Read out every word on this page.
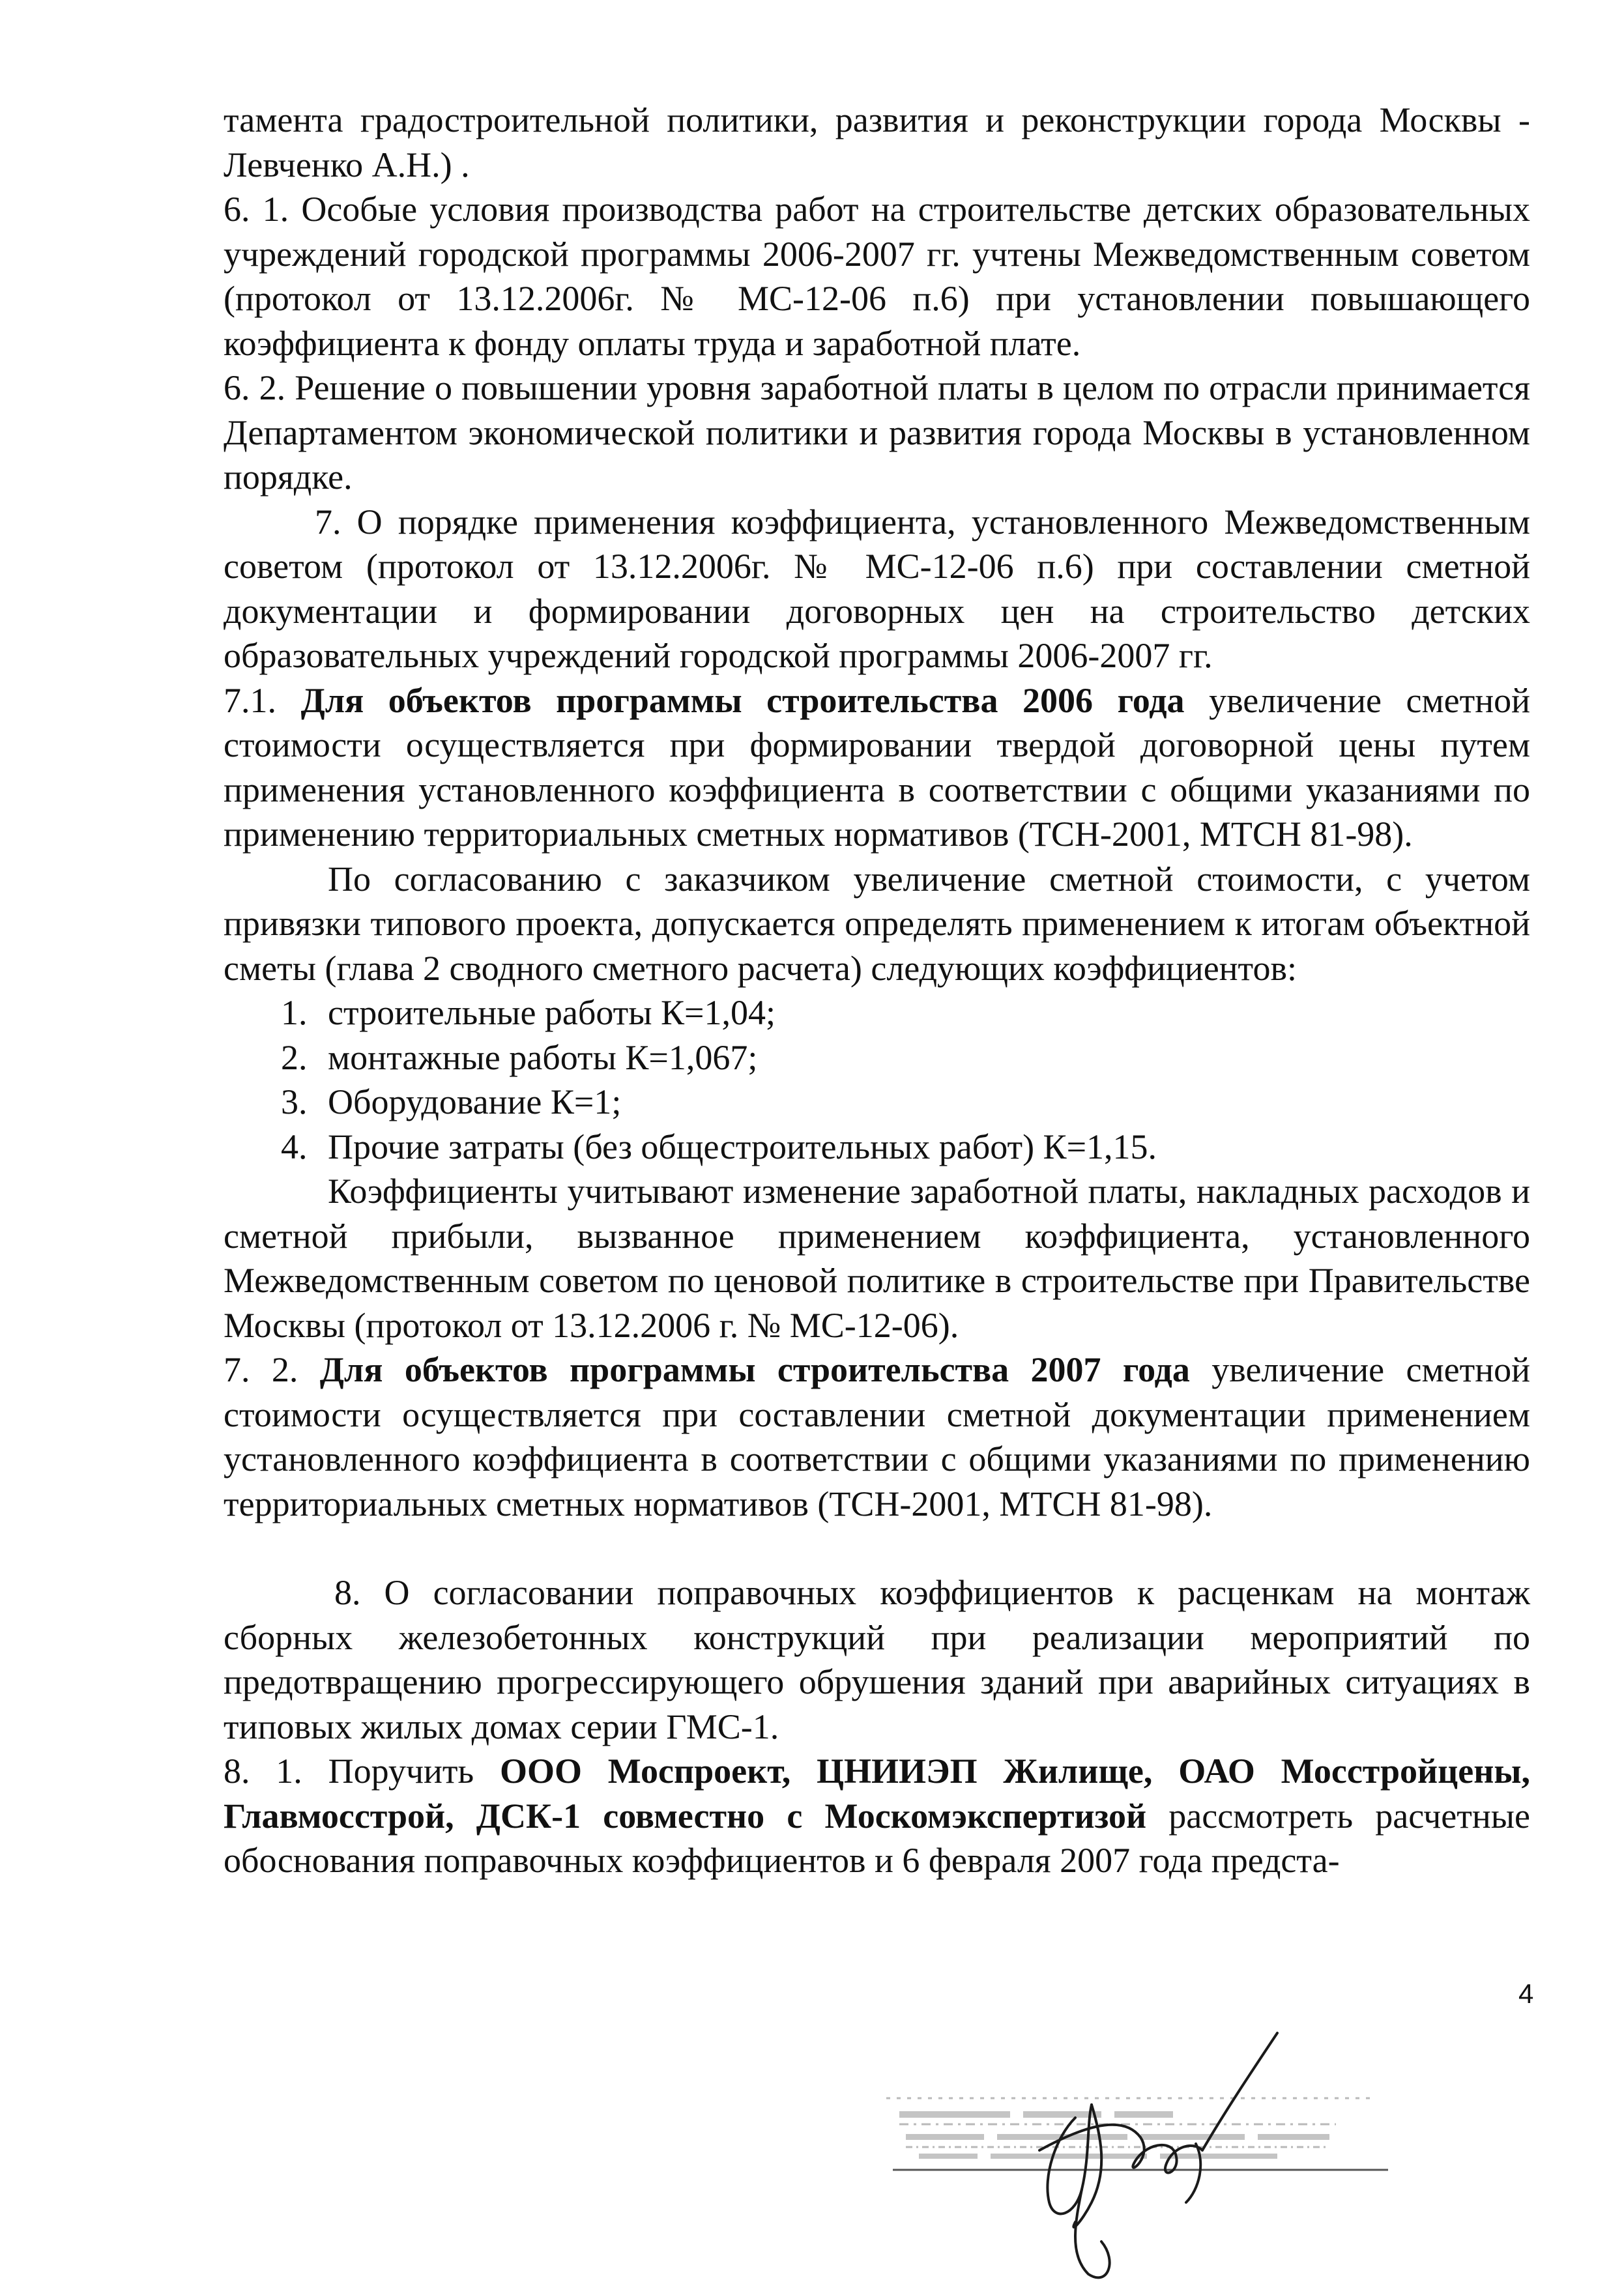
тамента градостроительной политики, развития и реконструкции города Москвы - Левченко А.Н.) .

6. 1. Особые условия производства работ на строительстве детских образовательных учреждений городской программы 2006-2007 гг. учтены Межведомственным советом (протокол от 13.12.2006г. № МС-12-06 п.6) при установлении повышающего коэффициента к фонду оплаты труда и заработной плате.

6. 2. Решение о повышении уровня заработной платы в целом по отрасли принимается Департаментом экономической политики и развития города Москвы в установленном порядке.

7. О порядке применения коэффициента, установленного Межведомственным советом (протокол от 13.12.2006г. № МС-12-06 п.6) при составлении сметной документации и формировании договорных цен на строительство детских образовательных учреждений городской программы 2006-2007 гг.

7.1. Для объектов программы строительства 2006 года увеличение сметной стоимости осуществляется при формировании твердой договорной цены путем применения установленного коэффициента в соответствии с общими указаниями по применению территориальных сметных нормативов (ТСН-2001, МТСН 81-98).

По согласованию с заказчиком увеличение сметной стоимости, с учетом привязки типового проекта, допускается определять применением к итогам объектной сметы (глава 2 сводного сметного расчета) следующих коэффициентов:

1. строительные работы К=1,04;
2. монтажные работы К=1,067;
3. Оборудование К=1;
4. Прочие затраты (без общестроительных работ) К=1,15.

Коэффициенты учитывают изменение заработной платы, накладных расходов и сметной прибыли, вызванное применением коэффициента, установленного Межведомственным советом по ценовой политике в строительстве при Правительстве Москвы (протокол от 13.12.2006 г. № МС-12-06).

7. 2. Для объектов программы строительства 2007 года увеличение сметной стоимости осуществляется при составлении сметной документации применением установленного коэффициента в соответствии с общими указаниями по применению территориальных сметных нормативов (ТСН-2001, МТСН 81-98).

8. О согласовании поправочных коэффициентов к расценкам на монтаж сборных железобетонных конструкций при реализации мероприятий по предотвращению прогрессирующего обрушения зданий при аварийных ситуациях в типовых жилых домах серии ГМС-1.

8. 1. Поручить ООО Моспроект, ЦНИИЭП Жилище, ОАО Мосстройцены, Главмосстрой, ДСК-1 совместно с Москомэкспертизой рассмотреть расчетные обоснования поправочных коэффициентов и 6 февраля 2007 года предста-

4
